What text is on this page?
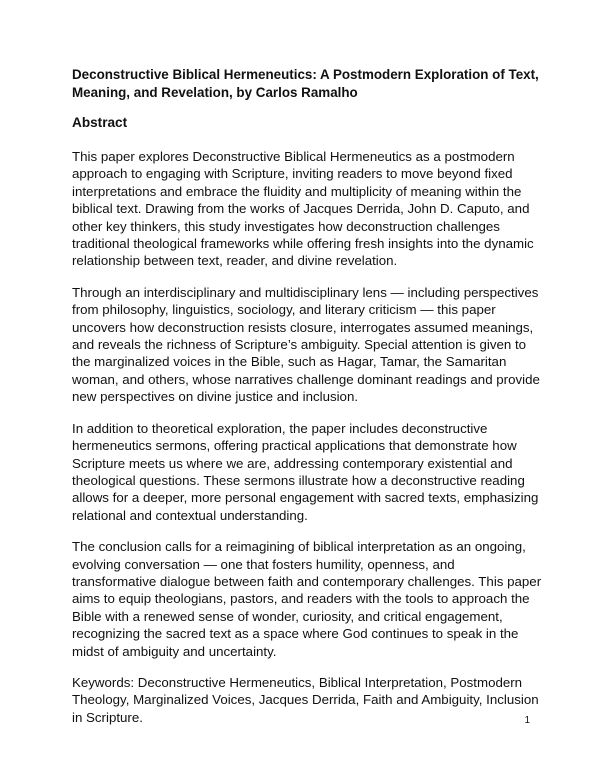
Deconstructive Biblical Hermeneutics: A Postmodern Exploration of Text, Meaning, and Revelation, by Carlos Ramalho
Abstract

This paper explores Deconstructive Biblical Hermeneutics as a postmodern approach to engaging with Scripture, inviting readers to move beyond fixed interpretations and embrace the fluidity and multiplicity of meaning within the biblical text. Drawing from the works of Jacques Derrida, John D. Caputo, and other key thinkers, this study investigates how deconstruction challenges traditional theological frameworks while offering fresh insights into the dynamic relationship between text, reader, and divine revelation.

Through an interdisciplinary and multidisciplinary lens — including perspectives from philosophy, linguistics, sociology, and literary criticism — this paper uncovers how deconstruction resists closure, interrogates assumed meanings, and reveals the richness of Scripture’s ambiguity. Special attention is given to the marginalized voices in the Bible, such as Hagar, Tamar, the Samaritan woman, and others, whose narratives challenge dominant readings and provide new perspectives on divine justice and inclusion.

In addition to theoretical exploration, the paper includes deconstructive hermeneutics sermons, offering practical applications that demonstrate how Scripture meets us where we are, addressing contemporary existential and theological questions. These sermons illustrate how a deconstructive reading allows for a deeper, more personal engagement with sacred texts, emphasizing relational and contextual understanding.

The conclusion calls for a reimagining of biblical interpretation as an ongoing, evolving conversation — one that fosters humility, openness, and transformative dialogue between faith and contemporary challenges. This paper aims to equip theologians, pastors, and readers with the tools to approach the Bible with a renewed sense of wonder, curiosity, and critical engagement, recognizing the sacred text as a space where God continues to speak in the midst of ambiguity and uncertainty.

Keywords: Deconstructive Hermeneutics, Biblical Interpretation, Postmodern Theology, Marginalized Voices, Jacques Derrida, Faith and Ambiguity, Inclusion in Scripture.	1
